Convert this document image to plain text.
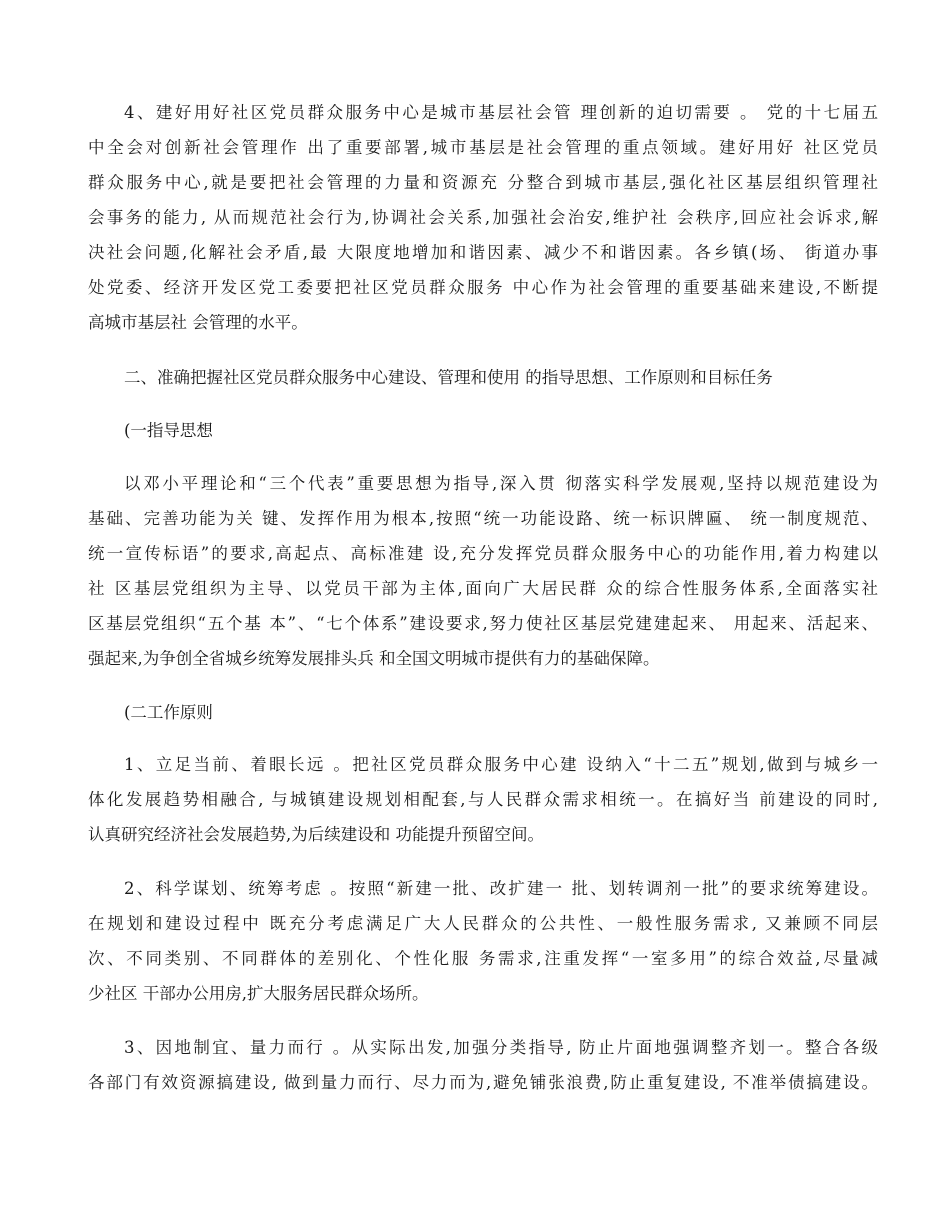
4、建好用好社区党员群众服务中心是城市基层社会管 理创新的迫切需要 。 党的十七届五
中全会对创新社会管理作 出了重要部署,城市基层是社会管理的重点领域。建好用好 社区党员
群众服务中心,就是要把社会管理的力量和资源充 分整合到城市基层,强化社区基层组织管理社
会事务的能力, 从而规范社会行为,协调社会关系,加强社会治安,维护社 会秩序,回应社会诉求,解
决社会问题,化解社会矛盾,最 大限度地增加和谐因素、减少不和谐因素。各乡镇(场、 街道办事
处党委、经济开发区党工委要把社区党员群众服务 中心作为社会管理的重要基础来建设,不断提
高城市基层社 会管理的水平。
二、准确把握社区党员群众服务中心建设、管理和使用 的指导思想、工作原则和目标任务
(一指导思想
以邓小平理论和“三个代表”重要思想为指导,深入贯 彻落实科学发展观,坚持以规范建设为
基础、完善功能为关 键、发挥作用为根本,按照“统一功能设路、统一标识牌匾、 统一制度规范、
统一宣传标语”的要求,高起点、高标准建 设,充分发挥党员群众服务中心的功能作用,着力构建以
社 区基层党组织为主导、以党员干部为主体,面向广大居民群 众的综合性服务体系,全面落实社
区基层党组织“五个基 本”、“七个体系”建设要求,努力使社区基层党建建起来、 用起来、活起来、
强起来,为争创全省城乡统筹发展排头兵 和全国文明城市提供有力的基础保障。
(二工作原则
1、立足当前、着眼长远 。把社区党员群众服务中心建 设纳入“十二五”规划,做到与城乡一
体化发展趋势相融合, 与城镇建设规划相配套,与人民群众需求相统一。在搞好当 前建设的同时,
认真研究经济社会发展趋势,为后续建设和 功能提升预留空间。
2、科学谋划、统筹考虑 。按照“新建一批、改扩建一 批、划转调剂一批”的要求统筹建设。
在规划和建设过程中 既充分考虑满足广大人民群众的公共性、一般性服务需求, 又兼顾不同层
次、不同类别、不同群体的差别化、个性化服 务需求,注重发挥“一室多用”的综合效益,尽量减
少社区 干部办公用房,扩大服务居民群众场所。
3、因地制宜、量力而行 。从实际出发,加强分类指导, 防止片面地强调整齐划一。整合各级
各部门有效资源搞建设, 做到量力而行、尽力而为,避免铺张浪费,防止重复建设, 不准举债搞建设。
